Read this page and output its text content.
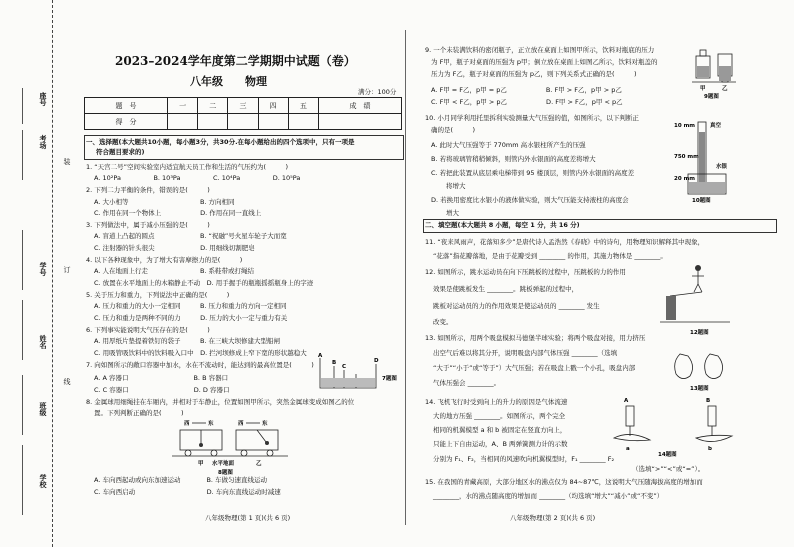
座号
考场
姓名
学号
班级
学校
装
订
线
2023–2024学年度第二学期期中试题（卷）
八年级　　物理
满分：100分
题　号	一	二	三	四	五	成　绩
得　分						
一、选择题(本大题共10小题，每小题3分，共30分.在每小题给出的四个选项中，只有一项是
符合题目要求的)
1. “天宫二号”空间实验室内适宜航天员工作和生活的气压约为(　　　)
A. 10²Pa　　　　　B. 10³Pa　　　　　C. 10⁴Pa　　　　　D. 10⁵Pa
2. 下列二力平衡的条件，错误的是(　　　)
A. 大小相等　　　　　　　　　　　B. 方向相同
C. 作用在同一个物体上　　　　　　D. 作用在同一直线上
3. 下列做法中，属于减小压强的是(　　　)
A. 盲道上凸起的圆点　　　　　　　B. “祝融”号火星车轮子大而宽
C. 注射器的针头很尖　　　　　　　D. 用细线切割肥皂
4. 以下各种现象中，为了增大有害摩擦力的是(　　　)
A. 人在地面上行走　　　　　　　　B. 系鞋带或打绳结
C. 放置在水平地面上的木箱静止不动　D. 用手握手的瓶瓶摇摇瓶身上的字迹
5. 关于压力和重力，下列说法中正确的是(　　　)
A. 压力和重力的大小一定相同　　　B. 压力和重力的方向一定相同
C. 压力和重力是两种不同的力　　　D. 压力的大小一定与重力有关
6. 下列事实能说明大气压存在的是(　　　)
A. 用厚纸片垫提着铁钉的袋子　　　B. 在三峡大坝修建大型船闸
C. 用吸管吸饮料中的饮料吸入口中　D. 拦河坝修成上窄下宽的形状越稳大
7. 向如图所示的敞口容器中加水，水在不流动时，能达到的最高位置是(　　　)
A. A 容器口　　　　　　　　　　B. B 容器口
C. C 容器口　　　　　　　　　　D. D 容器口
8. 金属球用细绳挂在车厢内，并相对于车静止，位置如图甲所示，突然金属球变成如图乙的位
置。下列判断正确的是(　　　)
A. 车向西起动或向东加速运动　　　　B. 车做匀速直线运动
C. 车向西启动　　　　　　　　　　　D. 车向东直线运动时减速
A
B
C
D
7题图
西	东	西	东
甲 水平地面	乙
8题图
9. 一个未装满饮料的密闭瓶子，正立放在桌面上如图甲所示，饮料对瓶底的压力
为 F甲，瓶子对桌面的压强为 p甲；倒立放在桌面上如图乙所示，饮料对瓶盖的
压力为 F乙，瓶子对桌面的压强为 p乙，则下列关系式正确的是(　　　)
A. F甲 = F乙，p甲 = p乙　　　　　　B. F甲 > F乙，p甲 > p乙
C. F甲 < F乙，p甲 > p乙　　　　　　D. F甲 > F乙，p甲 < p乙
甲	乙
9题图
10. 小月同学利用托里拆利实验测量大气压强的值，如图所示，以下判断正
确的是(　　　)
A. 此时大气压强等于 770mm 高水银柱所产生的压强
B. 若将玻璃管稍稍倾斜，则管内外水银面的高度差将增大
C. 若把此装置从底层乘电梯带到 95 楼顶层，则管内外水银面的高度差
将增大
D. 若换用密度比水银小的液体做实验，则大气压能支持液柱的高度会
增大
10 mm	真空
750 mm
水银
20 mm
10题图
二、填空题(本大题共 8 小题，每空 1 分，共 16 分)
11. “夜来风雨声，花落知多少”是唐代诗人孟浩然《春晓》中的诗句，用物理知识解释其中现象，
“花落”指花瓣落地，是由于花瓣受到 ________ 的作用，其施力物体是 ________。
12. 如图所示，跳水运动员在向下压跳板的过程中，压跳板的力的作用
效果是使跳板发生 ________。跳板弹起的过程中，
跳板对运动员的力的作用效果是使运动员的 ________ 发生
改变。
12题图
13. 如图所示，用两个吸盘模拟马德堡半球实验；将两个吸盘对接，用力挤压
出空气后难以将其分开，说明吸盘内部气体压强 ________（选填
“大于”“小于”或“等于”）大气压强；若在吸盘上戳一个小孔，吸盘内部
气体压强会 ________。
13题图
14. 飞机飞行时受到向上的升力的原因是气体流速
大的地方压强 ________。如图所示，两个完全
相同的机翼模型 a 和 b 被固定在竖直方向上，
只能上下自由运动，A、B 两弹簧测力计的示数
分别为 F₁、F₂，当相同的风速吹向机翼模型时，F₁ ________ F₂
（选填“>”“<”或“=”）。
A
a
B
b
14题图
15. 在我国的青藏高原，大部分地区水的沸点仅为 84~87℃，这说明大气压随海拔高度的增加而
________，水的沸点随高度的增加而 ________（均选填“增大”“减小”或“不变”）
八年级物理(第 1 页)(共 6 页)	八年级物理(第 2 页)(共 6 页)
